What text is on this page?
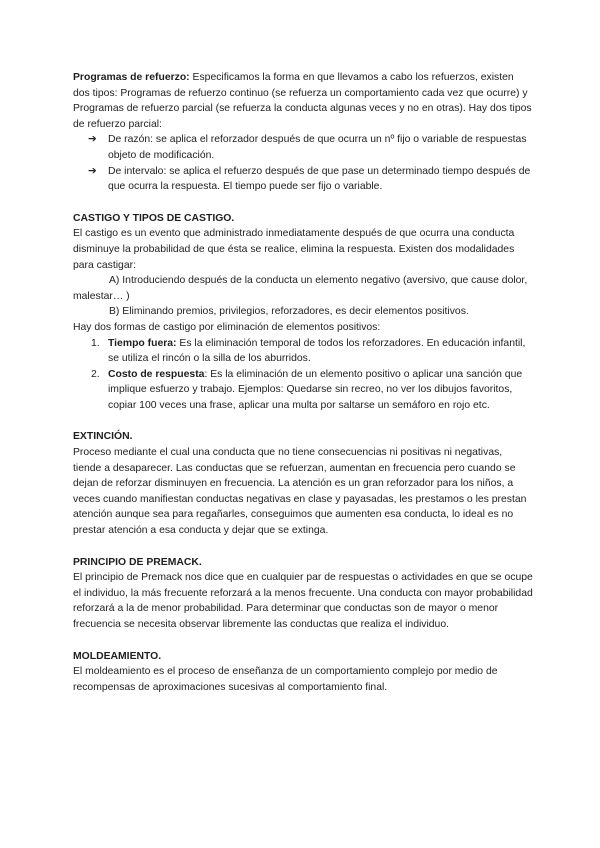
Programas de refuerzo: Especificamos la forma en que llevamos a cabo los refuerzos, existen dos tipos: Programas de refuerzo continuo (se refuerza un comportamiento cada vez que ocurre) y Programas de refuerzo parcial (se refuerza la conducta algunas veces y no en otras). Hay dos tipos de refuerzo parcial:

➔	De razón: se aplica el reforzador después de que ocurra un nº fijo o variable de respuestas objeto de modificación.
➔	De intervalo: se aplica el refuerzo después de que pase un determinado tiempo después de que ocurra la respuesta. El tiempo puede ser fijo o variable.

CASTIGO Y TIPOS DE CASTIGO.

El castigo es un evento que administrado inmediatamente después de que ocurra una conducta disminuye la probabilidad de que ésta se realice, elimina la respuesta. Existen dos modalidades para castigar:

A) Introduciendo después de la conducta un elemento negativo (aversivo, que cause dolor, malestar… )

B) Eliminando premios, privilegios, reforzadores, es decir elementos positivos.

Hay dos formas de castigo por eliminación de elementos positivos:

1. Tiempo fuera: Es la eliminación temporal de todos los reforzadores. En educación infantil, se utiliza el rincón o la silla de los aburridos.
2. Costo de respuesta: Es la eliminación de un elemento positivo o aplicar una sanción que implique esfuerzo y trabajo. Ejemplos: Quedarse sin recreo, no ver los dibujos favoritos, copiar 100 veces una frase, aplicar una multa por saltarse un semáforo en rojo etc.

EXTINCIÓN.

Proceso mediante el cual una conducta que no tiene consecuencias ni positivas ni negativas, tiende a desaparecer. Las conductas que se refuerzan, aumentan en frecuencia pero cuando se dejan de reforzar disminuyen en frecuencia. La atención es un gran reforzador para los niños, a veces cuando manifiestan conductas negativas en clase y payasadas, les prestamos o les prestan atención aunque sea para regañarles, conseguimos que aumenten esa conducta, lo ideal es no prestar atención a esa conducta y dejar que se extinga.

PRINCIPIO DE PREMACK.

El principio de Premack nos dice que en cualquier par de respuestas o actividades en que se ocupe el individuo, la más frecuente reforzará a la menos frecuente. Una conducta con mayor probabilidad reforzará a la de menor probabilidad. Para determinar que conductas son de mayor o menor frecuencia se necesita observar libremente las conductas que realiza el individuo.

MOLDEAMIENTO.

El moldeamiento es el proceso de enseñanza de un comportamiento complejo por medio de recompensas de aproximaciones sucesivas al comportamiento final.
